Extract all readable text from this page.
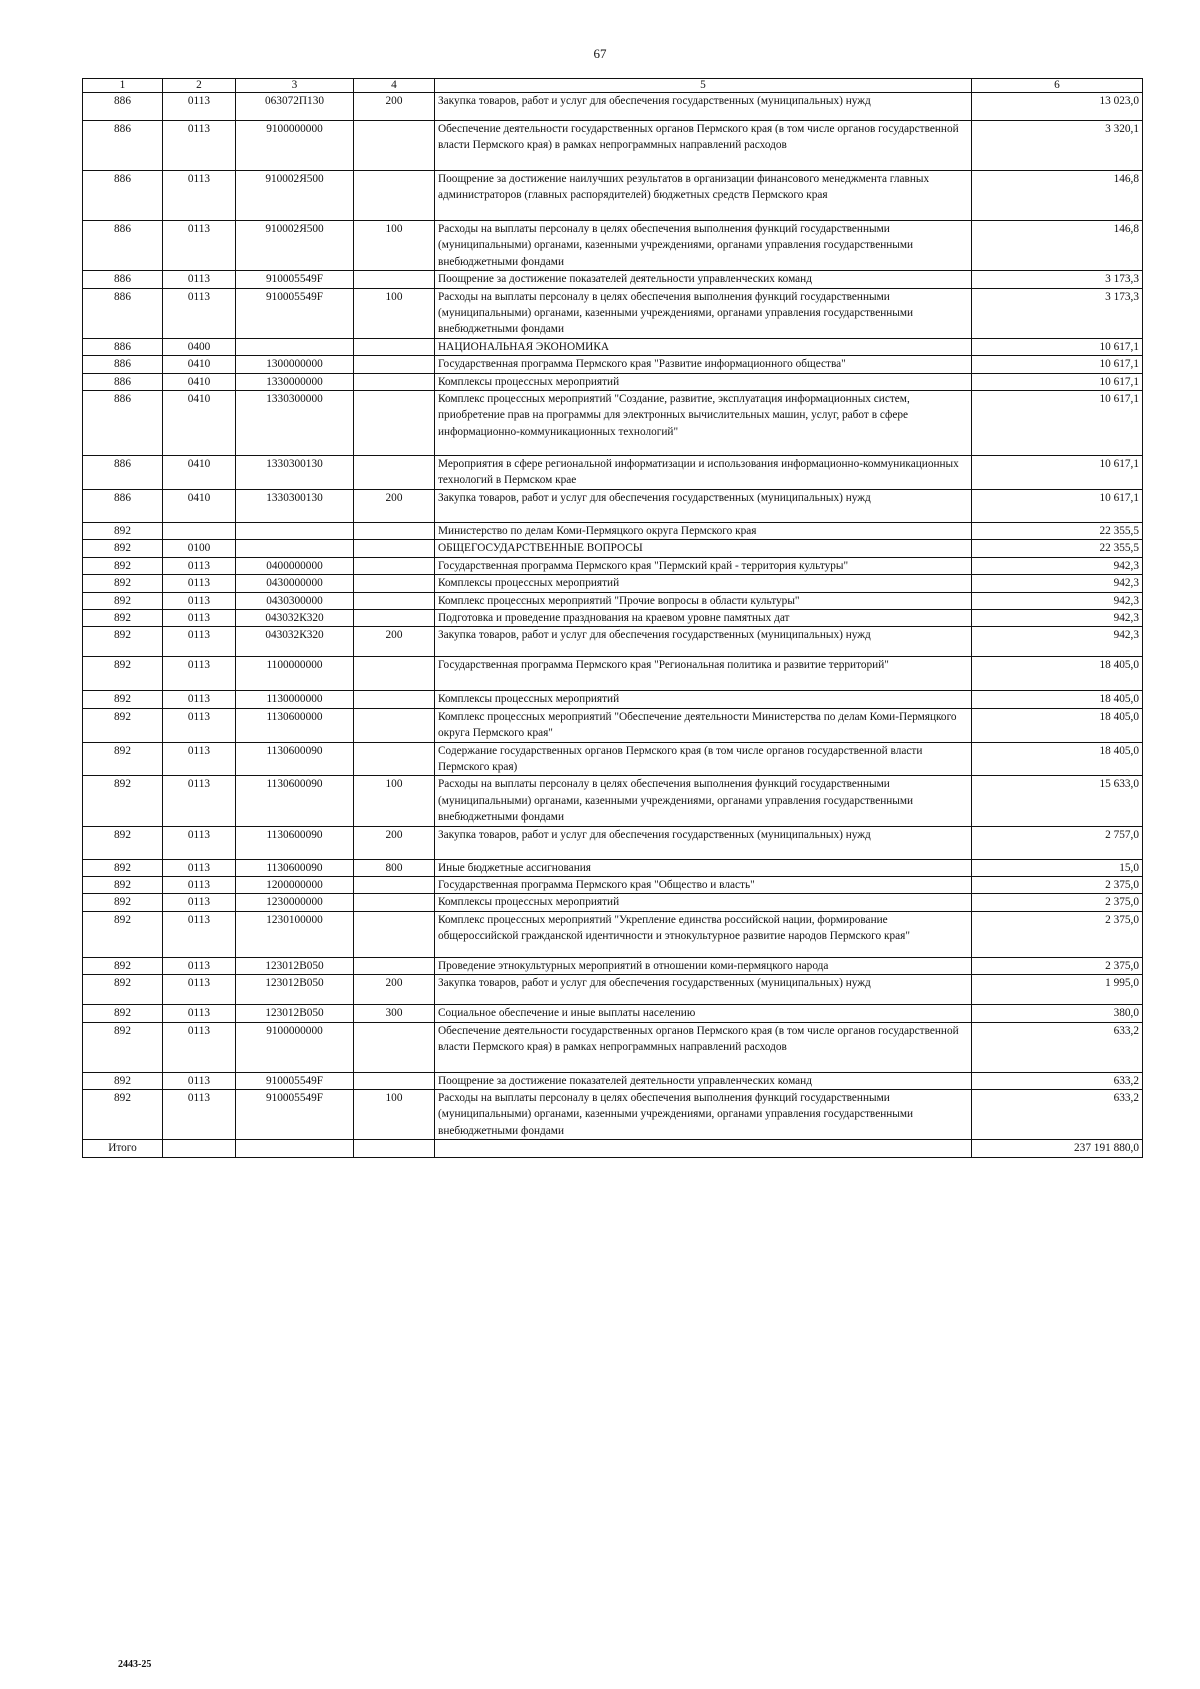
67
1	2	3	4	5	6
886	0113	063072П130	200	Закупка товаров, работ и услуг для обеспечения государственных (муниципальных) нужд	13 023,0
886	0113	9100000000		Обеспечение деятельности государственных органов Пермского края (в том числе органов государственной власти Пермского края) в рамках непрограммных направлений расходов	3 320,1
886	0113	910002Я500		Поощрение за достижение наилучших результатов в организации финансового менеджмента главных администраторов (главных распорядителей) бюджетных средств Пермского края	146,8
886	0113	910002Я500	100	Расходы на выплаты персоналу в целях обеспечения выполнения функций государственными (муниципальными) органами, казенными учреждениями, органами управления государственными внебюджетными фондами	146,8
886	0113	910005549F		Поощрение за достижение показателей деятельности управленческих команд	3 173,3
886	0113	910005549F	100	Расходы на выплаты персоналу в целях обеспечения выполнения функций государственными (муниципальными) органами, казенными учреждениями, органами управления государственными внебюджетными фондами	3 173,3
886	0400			НАЦИОНАЛЬНАЯ ЭКОНОМИКА	10 617,1
886	0410	1300000000		Государственная программа Пермского края "Развитие информационного общества"	10 617,1
886	0410	1330000000		Комплексы процессных мероприятий	10 617,1
886	0410	1330300000		Комплекс процессных мероприятий "Создание, развитие, эксплуатация информационных систем, приобретение прав на программы для электронных вычислительных машин, услуг, работ в сфере информационно-коммуникационных технологий"	10 617,1
886	0410	1330300130		Мероприятия в сфере региональной информатизации и использования информационно-коммуникационных технологий в Пермском крае	10 617,1
886	0410	1330300130	200	Закупка товаров, работ и услуг для обеспечения государственных (муниципальных) нужд	10 617,1
892				Министерство по делам Коми-Пермяцкого округа Пермского края	22 355,5
892	0100			ОБЩЕГОСУДАРСТВЕННЫЕ ВОПРОСЫ	22 355,5
892	0113	0400000000		Государственная программа Пермского края "Пермский край - территория культуры"	942,3
892	0113	0430000000		Комплексы процессных мероприятий	942,3
892	0113	0430300000		Комплекс процессных мероприятий "Прочие вопросы в области культуры"	942,3
892	0113	043032К320		Подготовка и проведение празднования на краевом уровне памятных дат	942,3
892	0113	043032К320	200	Закупка товаров, работ и услуг для обеспечения государственных (муниципальных) нужд	942,3
892	0113	1100000000		Государственная программа Пермского края "Региональная политика и развитие территорий"	18 405,0
892	0113	1130000000		Комплексы процессных мероприятий	18 405,0
892	0113	1130600000		Комплекс процессных мероприятий "Обеспечение деятельности Министерства по делам Коми-Пермяцкого округа Пермского края"	18 405,0
892	0113	1130600090		Содержание государственных органов Пермского края (в том числе органов государственной власти Пермского края)	18 405,0
892	0113	1130600090	100	Расходы на выплаты персоналу в целях обеспечения выполнения функций государственными (муниципальными) органами, казенными учреждениями, органами управления государственными внебюджетными фондами	15 633,0
892	0113	1130600090	200	Закупка товаров, работ и услуг для обеспечения государственных (муниципальных) нужд	2 757,0
892	0113	1130600090	800	Иные бюджетные ассигнования	15,0
892	0113	1200000000		Государственная программа Пермского края "Общество и власть"	2 375,0
892	0113	1230000000		Комплексы процессных мероприятий	2 375,0
892	0113	1230100000		Комплекс процессных мероприятий "Укрепление единства российской нации, формирование общероссийской гражданской идентичности и этнокультурное развитие народов Пермского края"	2 375,0
892	0113	123012В050		Проведение этнокультурных мероприятий в отношении коми-пермяцкого народа	2 375,0
892	0113	123012В050	200	Закупка товаров, работ и услуг для обеспечения государственных (муниципальных) нужд	1 995,0
892	0113	123012В050	300	Социальное обеспечение и иные выплаты населению	380,0
892	0113	9100000000		Обеспечение деятельности государственных органов Пермского края (в том числе органов государственной власти Пермского края) в рамках непрограммных направлений расходов	633,2
892	0113	910005549F		Поощрение за достижение показателей деятельности управленческих команд	633,2
892	0113	910005549F	100	Расходы на выплаты персоналу в целях обеспечения выполнения функций государственными (муниципальными) органами, казенными учреждениями, органами управления государственными внебюджетными фондами	633,2
Итого					237 191 880,0
2443-25
